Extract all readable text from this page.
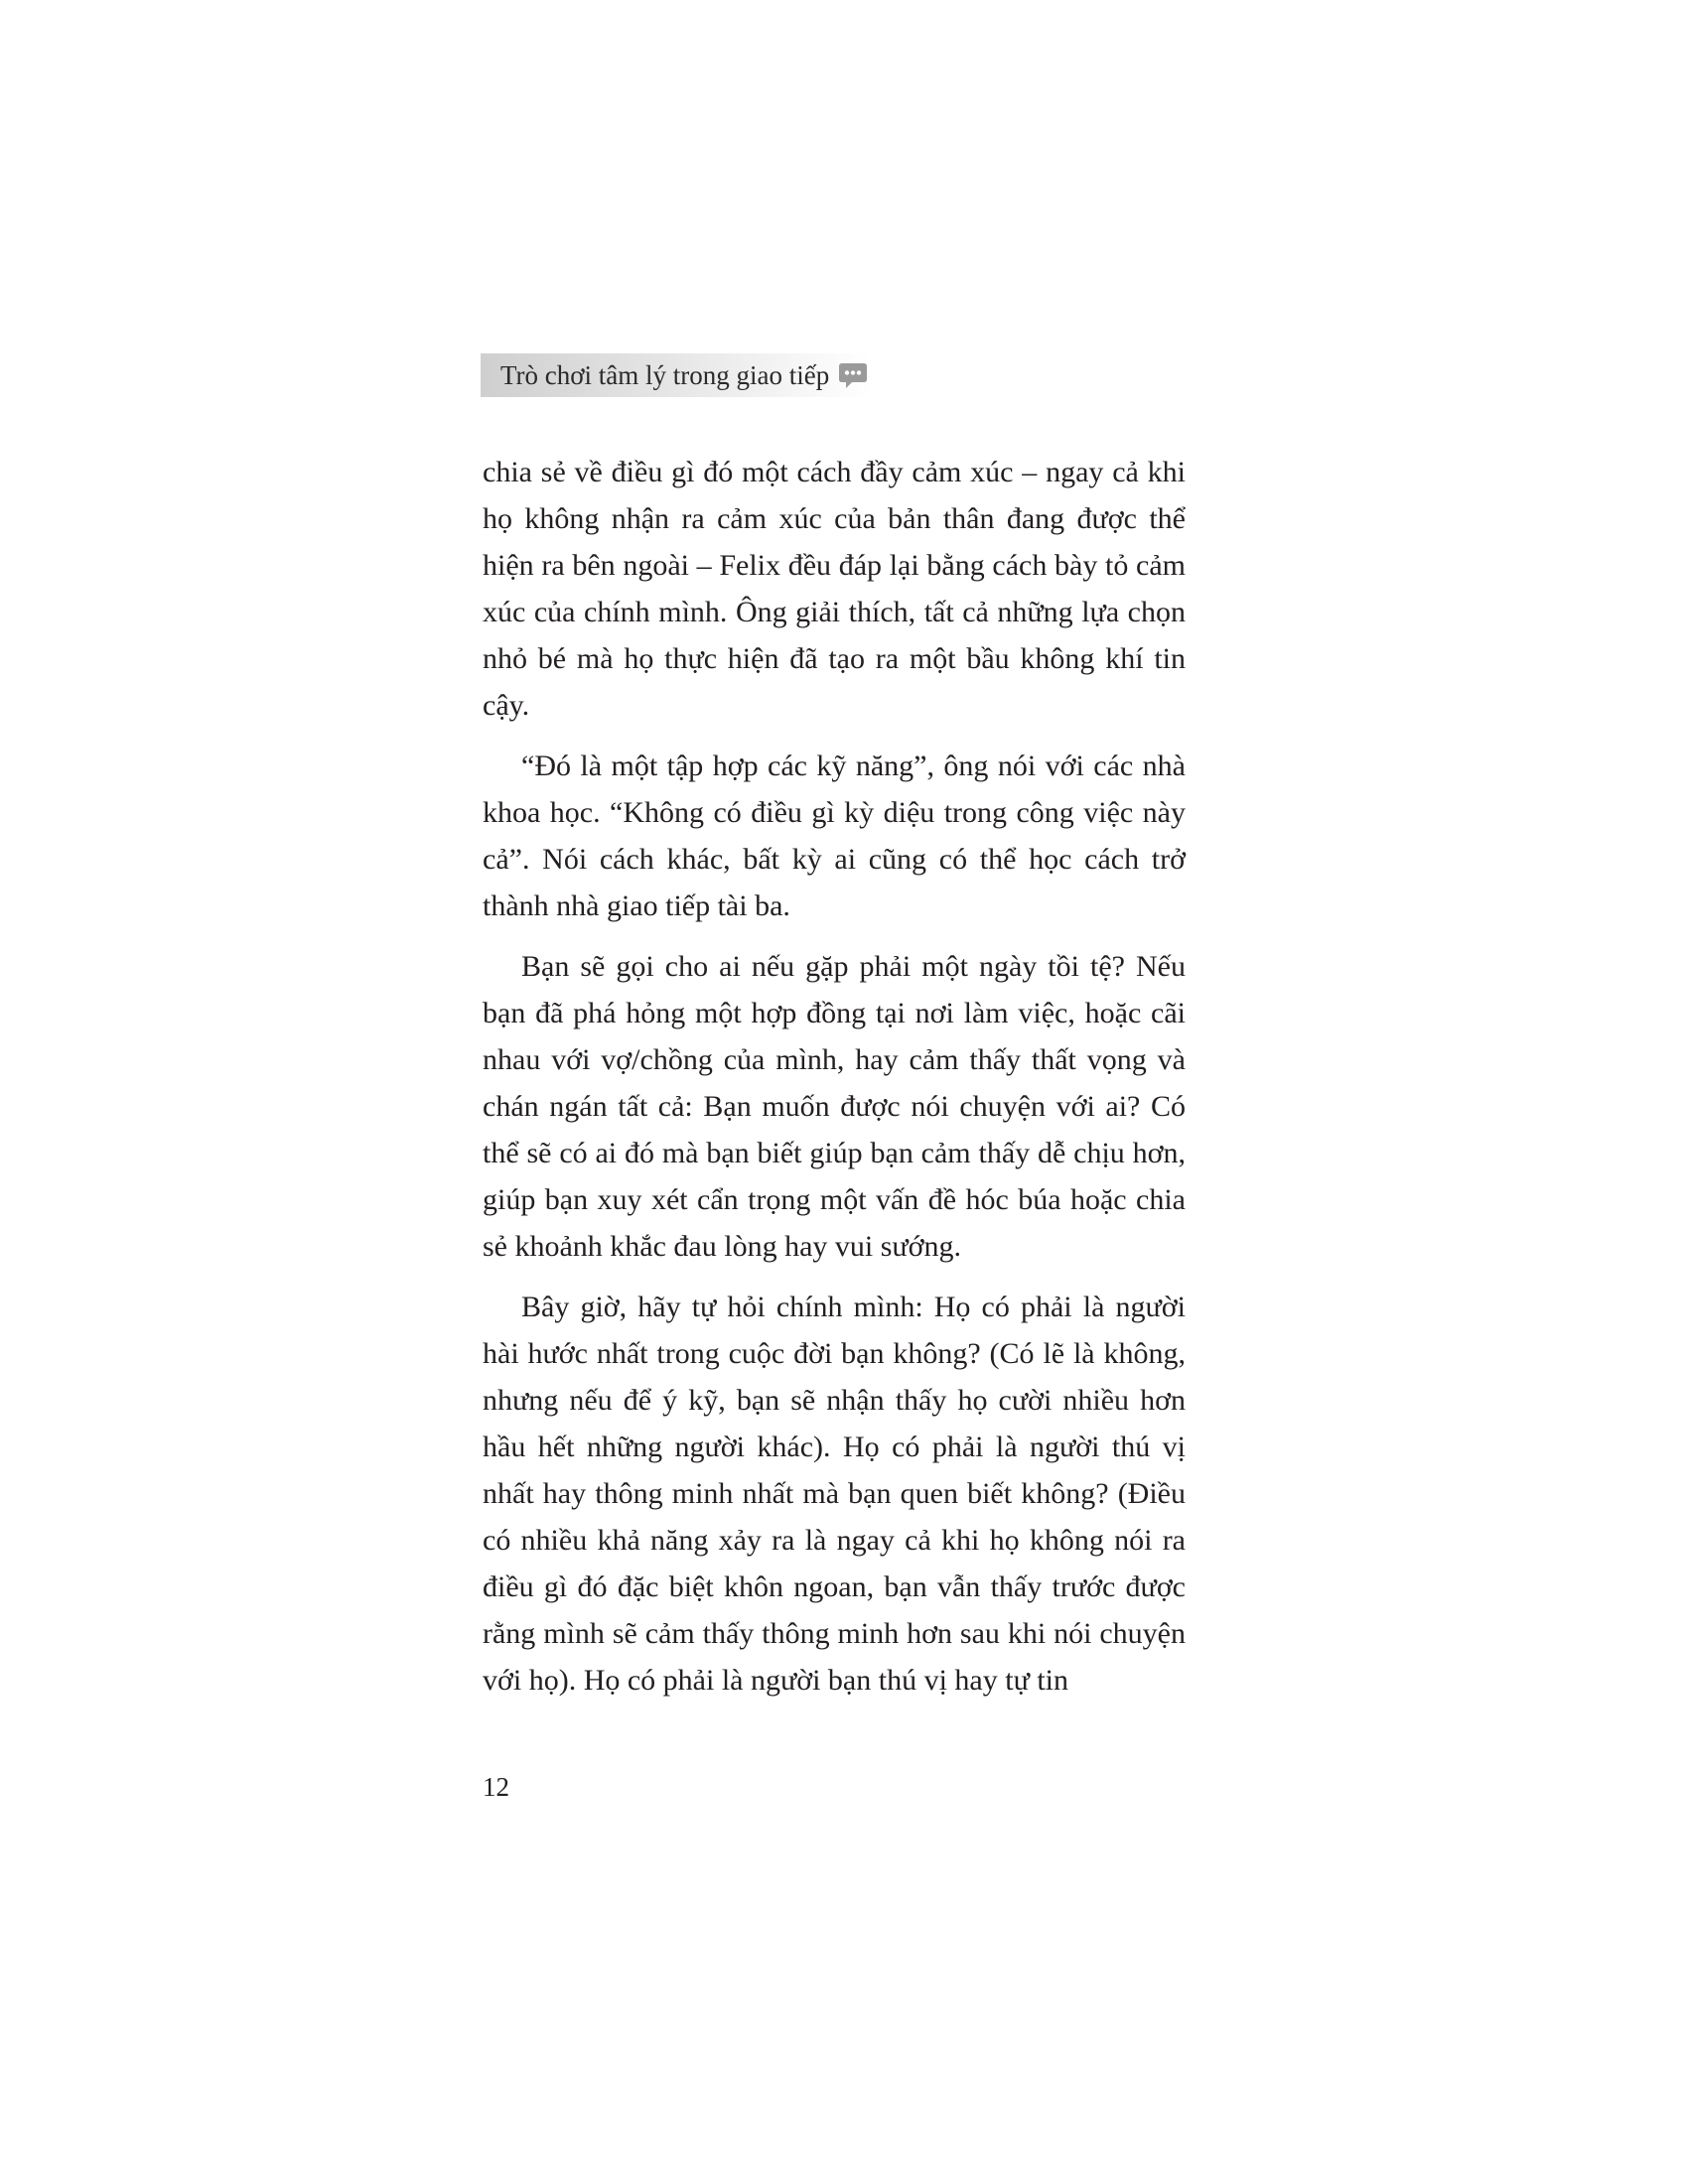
Trò chơi tâm lý trong giao tiếp

chia sẻ về điều gì đó một cách đầy cảm xúc – ngay cả khi họ không nhận ra cảm xúc của bản thân đang được thể hiện ra bên ngoài – Felix đều đáp lại bằng cách bày tỏ cảm xúc của chính mình. Ông giải thích, tất cả những lựa chọn nhỏ bé mà họ thực hiện đã tạo ra một bầu không khí tin cậy.

“Đó là một tập hợp các kỹ năng”, ông nói với các nhà khoa học. “Không có điều gì kỳ diệu trong công việc này cả”. Nói cách khác, bất kỳ ai cũng có thể học cách trở thành nhà giao tiếp tài ba.

Bạn sẽ gọi cho ai nếu gặp phải một ngày tồi tệ? Nếu bạn đã phá hỏng một hợp đồng tại nơi làm việc, hoặc cãi nhau với vợ/chồng của mình, hay cảm thấy thất vọng và chán ngán tất cả: Bạn muốn được nói chuyện với ai? Có thể sẽ có ai đó mà bạn biết giúp bạn cảm thấy dễ chịu hơn, giúp bạn xuy xét cẩn trọng một vấn đề hóc búa hoặc chia sẻ khoảnh khắc đau lòng hay vui sướng.

Bây giờ, hãy tự hỏi chính mình: Họ có phải là người hài hước nhất trong cuộc đời bạn không? (Có lẽ là không, nhưng nếu để ý kỹ, bạn sẽ nhận thấy họ cười nhiều hơn hầu hết những người khác). Họ có phải là người thú vị nhất hay thông minh nhất mà bạn quen biết không? (Điều có nhiều khả năng xảy ra là ngay cả khi họ không nói ra điều gì đó đặc biệt khôn ngoan, bạn vẫn thấy trước được rằng mình sẽ cảm thấy thông minh hơn sau khi nói chuyện với họ). Họ có phải là người bạn thú vị hay tự tin

12
